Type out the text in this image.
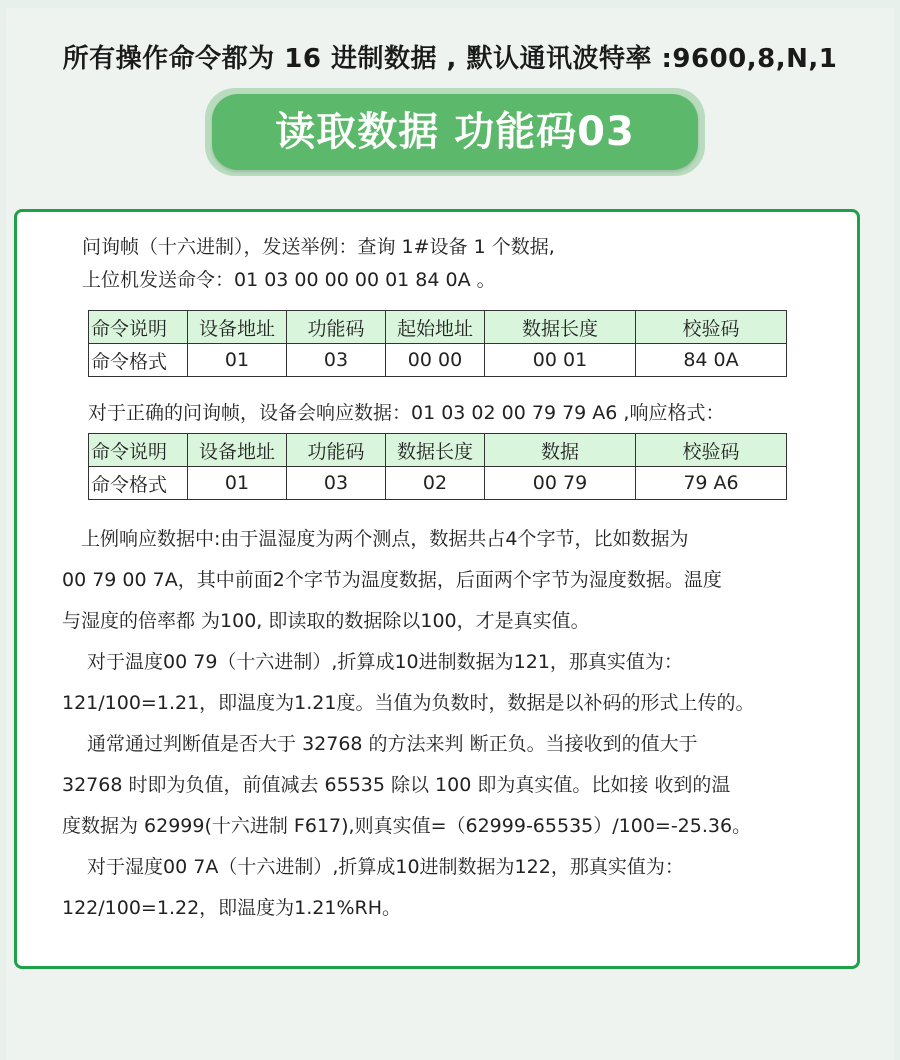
所有操作命令都为 16 进制数据 , 默认通讯波特率 :9600,8,N,1
读取数据 功能码03
问询帧（十六进制），发送举例：查询 1#设备 1 个数据,
上位机发送命令：01 03 00 00 00 01 84 0A 。
命令说明	设备地址	功能码	起始地址	数据长度	校验码
命令格式	01	03	00 00	00 01	84 0A
对于正确的问询帧，设备会响应数据：01 03 02 00 79 79 A6 ,响应格式：
命令说明	设备地址	功能码	数据长度	数据	校验码
命令格式	01	03	02	00 79	79 A6
　上例响应数据中:由于温湿度为两个测点，数据共占4个字节，比如数据为
00 79 00 7A，其中前面2个字节为温度数据，后面两个字节为湿度数据。温度
与湿度的倍率都 为100, 即读取的数据除以100，才是真实值。
　 对于温度00 79（十六进制）,折算成10进制数据为121，那真实值为：
121/100=1.21，即温度为1.21度。当值为负数时，数据是以补码的形式上传的。
　 通常通过判断值是否大于 32768 的方法来判 断正负。当接收到的值大于
32768 时即为负值，前值减去 65535 除以 100 即为真实值。比如接 收到的温
度数据为 62999(十六进制 F617),则真实值=（62999-65535）/100=-25.36。
　 对于湿度00 7A（十六进制）,折算成10进制数据为122，那真实值为：
122/100=1.22，即温度为1.21%RH。
